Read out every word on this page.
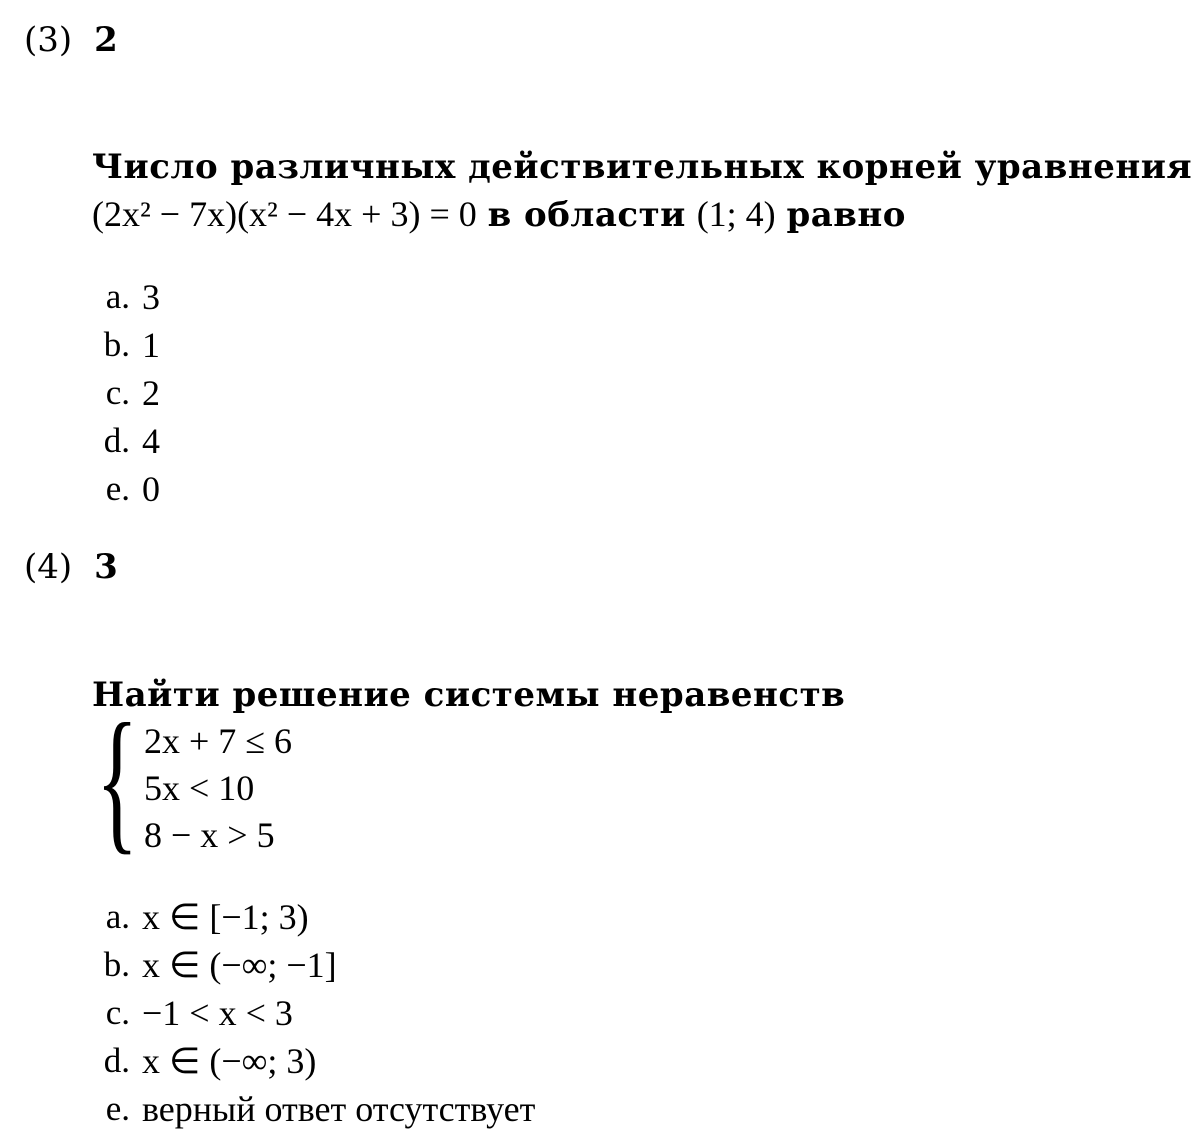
(3) 2
Число различных действительных корней уравнения
(2x² − 7x)(x² − 4x + 3) = 0 в области (1; 4) равно
a. 3
b. 1
c. 2
d. 4
e. 0
(4) 3
Найти решение системы неравенств
{ 2x + 7 ≤ 6
5x < 10
8 − x > 5
a. x ∈ [−1; 3)
b. x ∈ (−∞; −1]
c. −1 < x < 3
d. x ∈ (−∞; 3)
e. верный ответ отсутствует
